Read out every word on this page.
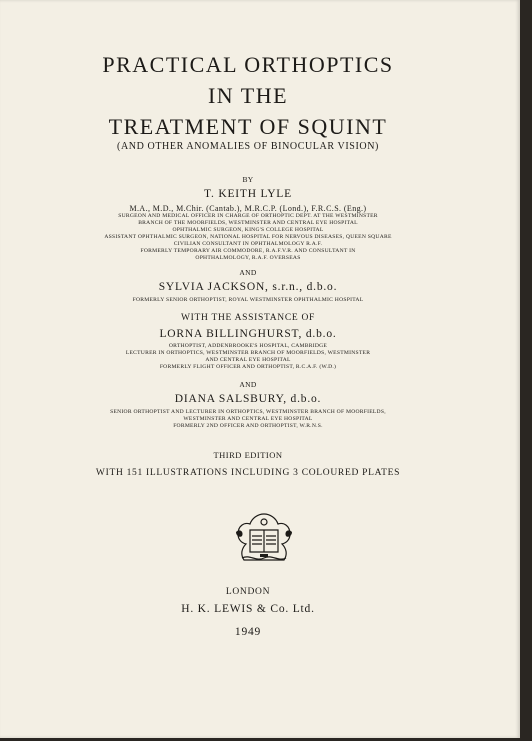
PRACTICAL ORTHOPTICS
IN THE
TREATMENT OF SQUINT
(AND OTHER ANOMALIES OF BINOCULAR VISION)
BY
T. KEITH LYLE
M.A., M.D., M.Chir. (Cantab.), M.R.C.P. (Lond.), F.R.C.S. (Eng.)
SURGEON AND MEDICAL OFFICER IN CHARGE OF ORTHOPTIC DEPT. AT THE WESTMINSTER
BRANCH OF THE MOORFIELDS, WESTMINSTER AND CENTRAL EYE HOSPITAL
OPHTHALMIC SURGEON, KING'S COLLEGE HOSPITAL
ASSISTANT OPHTHALMIC SURGEON, NATIONAL HOSPITAL FOR NERVOUS DISEASES, QUEEN SQUARE
CIVILIAN CONSULTANT IN OPHTHALMOLOGY R.A.F.
FORMERLY TEMPORARY AIR COMMODORE, R.A.F.V.R. AND CONSULTANT IN
OPHTHALMOLOGY, R.A.F. OVERSEAS
AND
SYLVIA JACKSON, s.r.n., d.b.o.
FORMERLY SENIOR ORTHOPTIST, ROYAL WESTMINSTER OPHTHALMIC HOSPITAL
WITH THE ASSISTANCE OF
LORNA BILLINGHURST, d.b.o.
ORTHOPTIST, ADDENBROOKE'S HOSPITAL, CAMBRIDGE
LECTURER IN ORTHOPTICS, WESTMINSTER BRANCH OF MOORFIELDS, WESTMINSTER
AND CENTRAL EYE HOSPITAL
FORMERLY FLIGHT OFFICER AND ORTHOPTIST, R.C.A.F. (W.D.)
AND
DIANA SALSBURY, d.b.o.
SENIOR ORTHOPTIST AND LECTURER IN ORTHOPTICS, WESTMINSTER BRANCH OF MOORFIELDS,
WESTMINSTER AND CENTRAL EYE HOSPITAL
FORMERLY 2ND OFFICER AND ORTHOPTIST, W.R.N.S.
THIRD EDITION
WITH 151 ILLUSTRATIONS INCLUDING 3 COLOURED PLATES
LONDON
H. K. LEWIS & Co. Ltd.
1949
